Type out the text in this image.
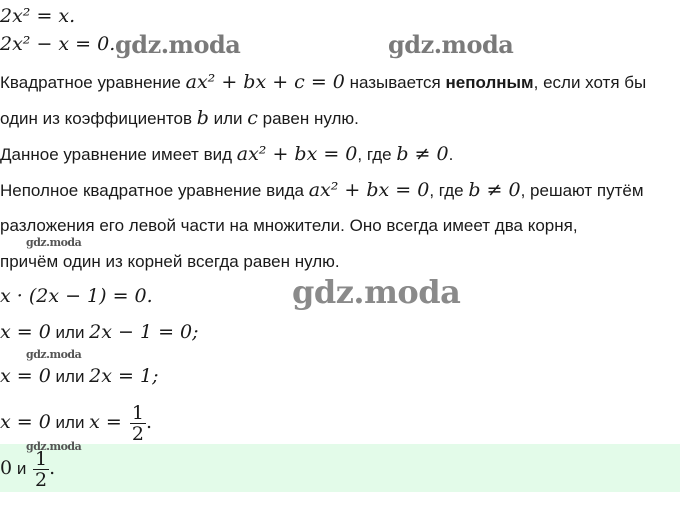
2x² = x.
2x² − x = 0.
Квадратное уравнение ax² + bx + c = 0 называется неполным, если хотя бы
один из коэффициентов b или c равен нулю.
Данное уравнение имеет вид ax² + bx = 0, где b ≠ 0.
Неполное квадратное уравнение вида ax² + bx = 0, где b ≠ 0, решают путём
разложения его левой части на множители. Оно всегда имеет два корня,
причём один из корней всегда равен нулю.
x · (2x − 1) = 0.
x = 0 или 2x − 1 = 0;
x = 0 или 2x = 1;
x = 0 или $x = \frac{1}{2}$ .
0 и $\frac{1}{2}$ .
gdz.moda	gdz.moda
gdz.moda
gdz.moda
gdz.moda
gdz.moda
